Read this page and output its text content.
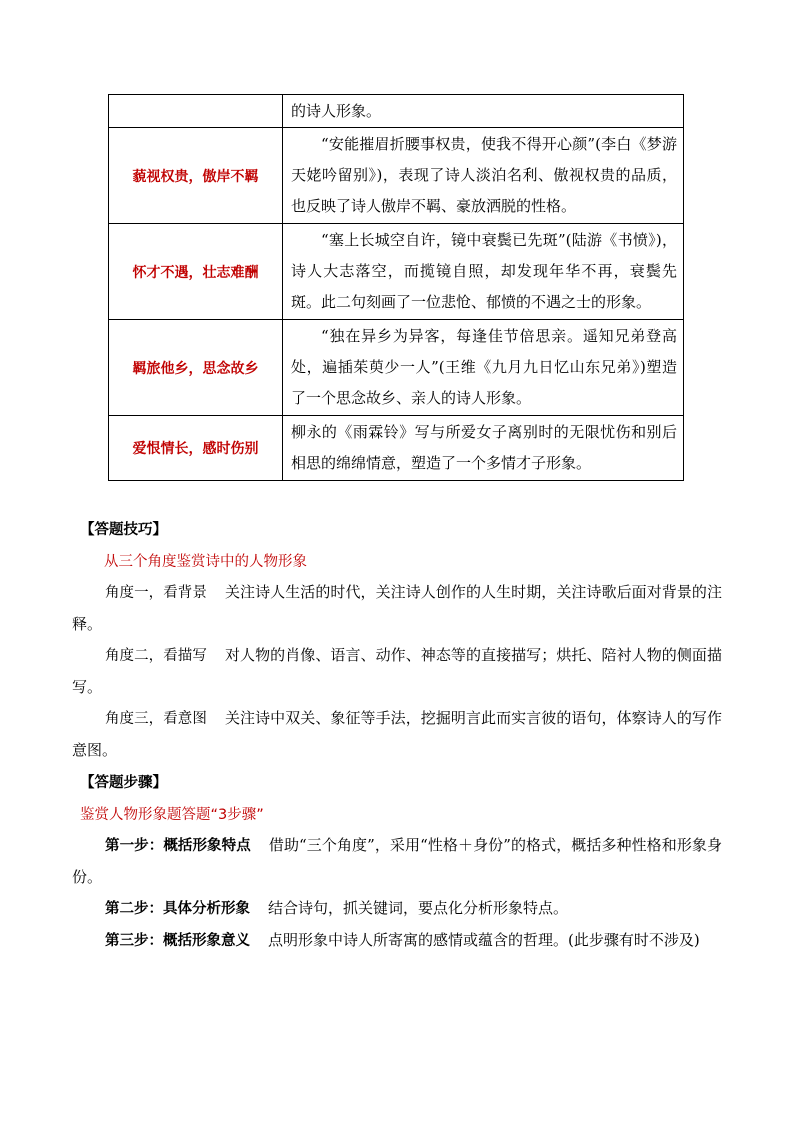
	的诗人形象。
藐视权贵，傲岸不羁	“安能摧眉折腰事权贵，使我不得开心颜”(李白《梦游天姥吟留别》)，表现了诗人淡泊名利、傲视权贵的品质，也反映了诗人傲岸不羁、豪放洒脱的性格。
怀才不遇，壮志难酬	“塞上长城空自许，镜中衰鬓已先斑”(陆游《书愤》)，诗人大志落空，而揽镜自照，却发现年华不再，衰鬓先斑。此二句刻画了一位悲怆、郁愤的不遇之士的形象。
羁旅他乡，思念故乡	“独在异乡为异客，每逢佳节倍思亲。遥知兄弟登高处，遍插茱萸少一人”(王维《九月九日忆山东兄弟》)塑造了一个思念故乡、亲人的诗人形象。
爱恨情长，感时伤别	柳永的《雨霖铃》写与所爱女子离别时的无限忧伤和别后相思的绵绵情意，塑造了一个多情才子形象。
【答题技巧】
从三个角度鉴赏诗中的人物形象
角度一，看背景 关注诗人生活的时代，关注诗人创作的人生时期，关注诗歌后面对背景的注释。
角度二，看描写 对人物的肖像、语言、动作、神态等的直接描写；烘托、陪衬人物的侧面描写。
角度三，看意图 关注诗中双关、象征等手法，挖掘明言此而实言彼的语句，体察诗人的写作意图。
【答题步骤】
鉴赏人物形象题答题“3步骤”
第一步：概括形象特点 借助“三个角度”，采用“性格＋身份”的格式，概括多种性格和形象身份。
第二步：具体分析形象 结合诗句，抓关键词，要点化分析形象特点。
第三步：概括形象意义 点明形象中诗人所寄寓的感情或蕴含的哲理。(此步骤有时不涉及)
